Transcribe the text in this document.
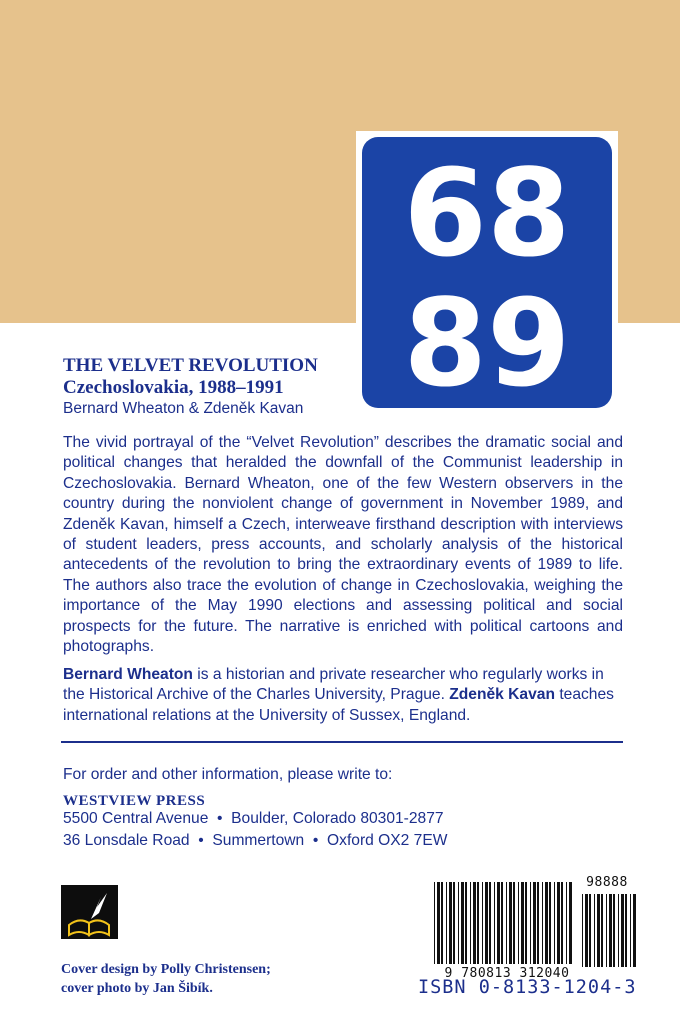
68
89

THE VELVET REVOLUTION

Czechoslovakia, 1988–1991

Bernard Wheaton & Zdeněk Kavan

The vivid portrayal of the “Velvet Revolution” describes the dramatic social and political changes that heralded the downfall of the Communist leadership in Czechoslovakia. Bernard Wheaton, one of the few Western observers in the country during the nonviolent change of government in November 1989, and Zdeněk Kavan, himself a Czech, interweave firsthand description with interviews of student leaders, press accounts, and scholarly analysis of the historical antecedents of the revolution to bring the extraordinary events of 1989 to life. The authors also trace the evolution of change in Czechoslovakia, weighing the importance of the May 1990 elections and assessing political and social prospects for the future. The narrative is enriched with political cartoons and photographs.

Bernard Wheaton is a historian and private researcher who regularly works in the Historical Archive of the Charles University, Prague. Zdeněk Kavan teaches international relations at the University of Sussex, England.

For order and other information, please write to:

WESTVIEW PRESS

5500 Central Avenue  •  Boulder, Colorado 80301-2877

36 Lonsdale Road  •  Summertown  •  Oxford OX2 7EW

Cover design by Polly Christensen;
cover photo by Jan Šibík.

98888
9 780813 312040

ISBN 0-8133-1204-3
